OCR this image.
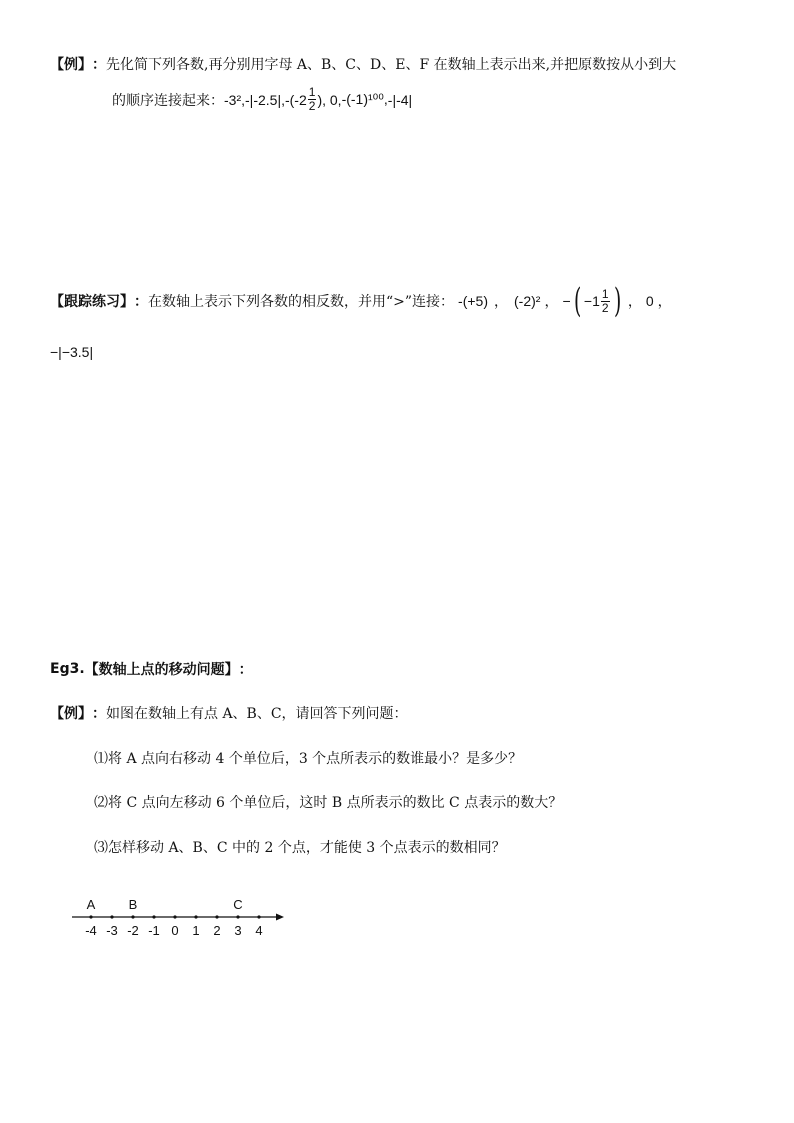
【例】 ： 先化简下列各数,再分别用字母 A、B、C、D、E、F 在数轴上表示出来,并把原数按从小到大
的顺序连接起来： -3², -| -2.5 |, $-(-2 \frac{1}{2}$ ), 0, -(-1)¹⁰⁰, -| -4 |
【跟踪练习】 ： 在数轴上表示下列各数的相反数，并用“>”连接： -(+5) ， (-2)² ， − ( $-1 \frac{1}{2}$ ) ， 0 ，
−|−3.5|
Eg3. 【数轴上点的移动问题】 ：
【例】 ： 如图在数轴上有点 A、B、C，请回答下列问题：
⑴将 A 点向右移动 4 个单位后，3 个点所表示的数谁最小？是多少？
⑵将 C 点向左移动 6 个单位后，这时 B 点所表示的数比 C 点表示的数大？
⑶怎样移动 A、B、C 中的 2 个点，才能使 3 个点表示的数相同？
-4 -3 -2 -1 0 1 2 3 4
A	B	C
